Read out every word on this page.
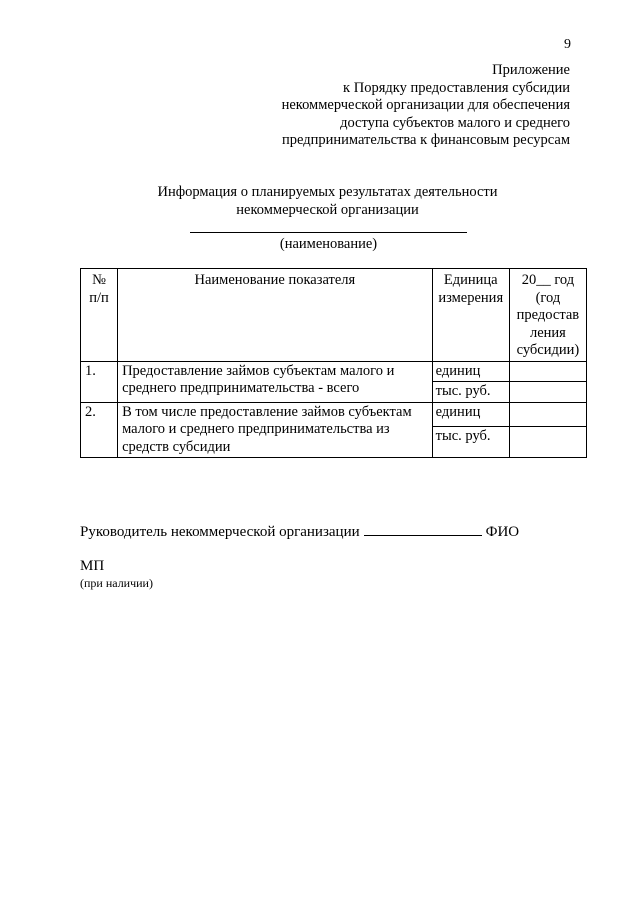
9
Приложение
к Порядку предоставления субсидии
некоммерческой организации для обеспечения
доступа субъектов малого и среднего
предпринимательства к финансовым ресурсам
Информация о планируемых результатах деятельности
некоммерческой организации
(наименование)
№ п/п	Наименование показателя	Единица измерения	20__ год (год предостав ления субсидии)
1.	Предоставление займов субъектам малого и среднего предпринимательства - всего	единиц	
		тыс. руб.	
2.	В том числе предоставление займов субъектам малого и среднего предпринимательства из средств субсидии	единиц	
		тыс. руб.	
Руководитель некоммерческой организации	ФИО
МП
(при наличии)
